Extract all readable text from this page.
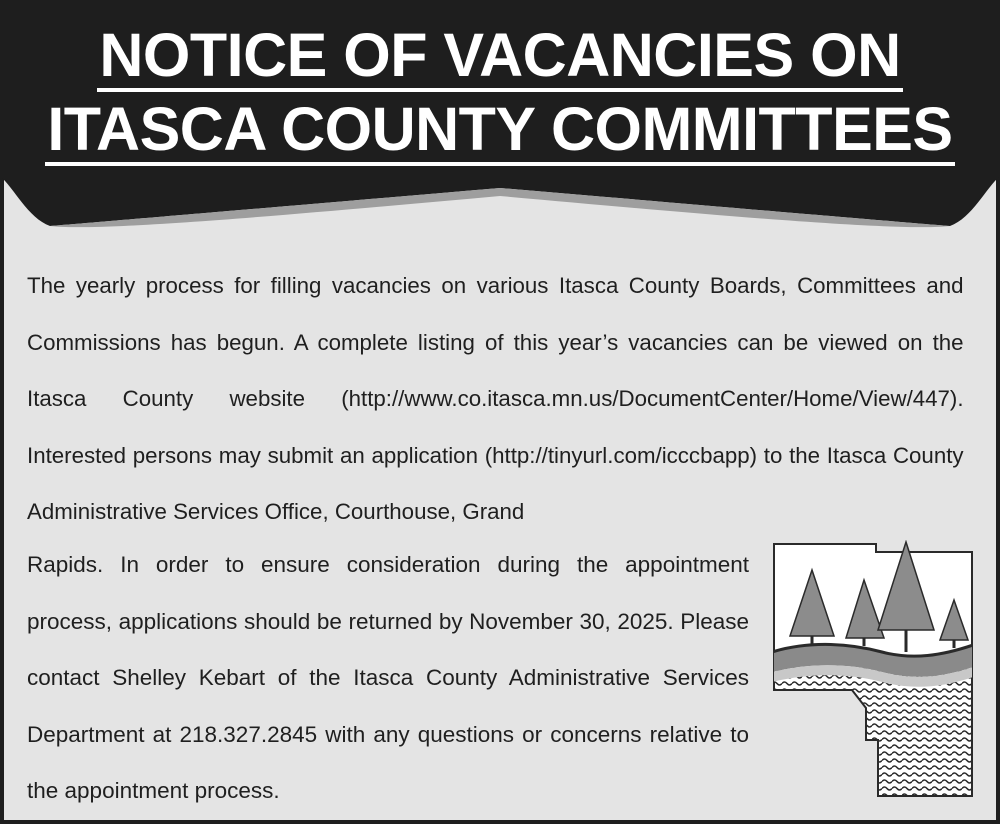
NOTICE OF VACANCIES ON
ITASCA COUNTY COMMITTEES
The yearly process for filling vacancies on various Itasca County Boards, Committees and Commissions has begun. A complete listing of this year’s vacancies can be viewed on the Itasca County website (http://www.co.itasca.mn.us/DocumentCenter/Home/View/447). Interested persons may submit an application (http://tinyurl.com/icccbapp) to the Itasca County Administrative Services Office, Courthouse, Grand
Rapids. In order to ensure consideration during the appointment process, applications should be returned by November 30, 2025. Please contact Shelley Kebart of the Itasca County Administrative Services Department at 218.327.2845 with any questions or concerns relative to the appointment process.
